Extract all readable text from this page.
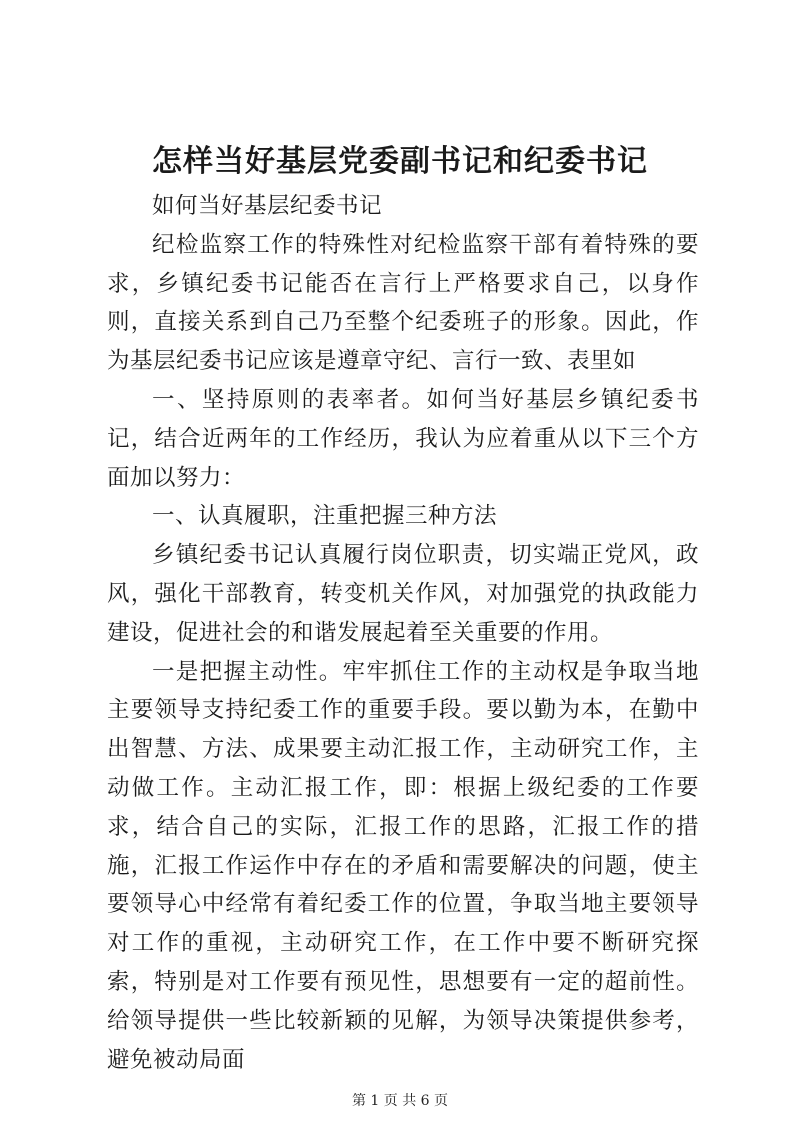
怎样当好基层党委副书记和纪委书记

如何当好基层纪委书记

纪检监察工作的特殊性对纪检监察干部有着特殊的要求，乡镇纪委书记能否在言行上严格要求自己，以身作则，直接关系到自己乃至整个纪委班子的形象。因此，作为基层纪委书记应该是遵章守纪、言行一致、表里如

一、坚持原则的表率者。如何当好基层乡镇纪委书记，结合近两年的工作经历，我认为应着重从以下三个方面加以努力：

一、认真履职，注重把握三种方法

乡镇纪委书记认真履行岗位职责，切实端正党风，政风，强化干部教育，转变机关作风，对加强党的执政能力建设，促进社会的和谐发展起着至关重要的作用。

一是把握主动性。牢牢抓住工作的主动权是争取当地主要领导支持纪委工作的重要手段。要以勤为本，在勤中出智慧、方法、成果要主动汇报工作，主动研究工作，主动做工作。主动汇报工作，即：根据上级纪委的工作要求，结合自己的实际，汇报工作的思路，汇报工作的措施，汇报工作运作中存在的矛盾和需要解决的问题，使主要领导心中经常有着纪委工作的位置，争取当地主要领导对工作的重视，主动研究工作，在工作中要不断研究探索，特别是对工作要有预见性，思想要有一定的超前性。给领导提供一些比较新颖的见解，为领导决策提供参考，避免被动局面

第 1 页 共 6 页
